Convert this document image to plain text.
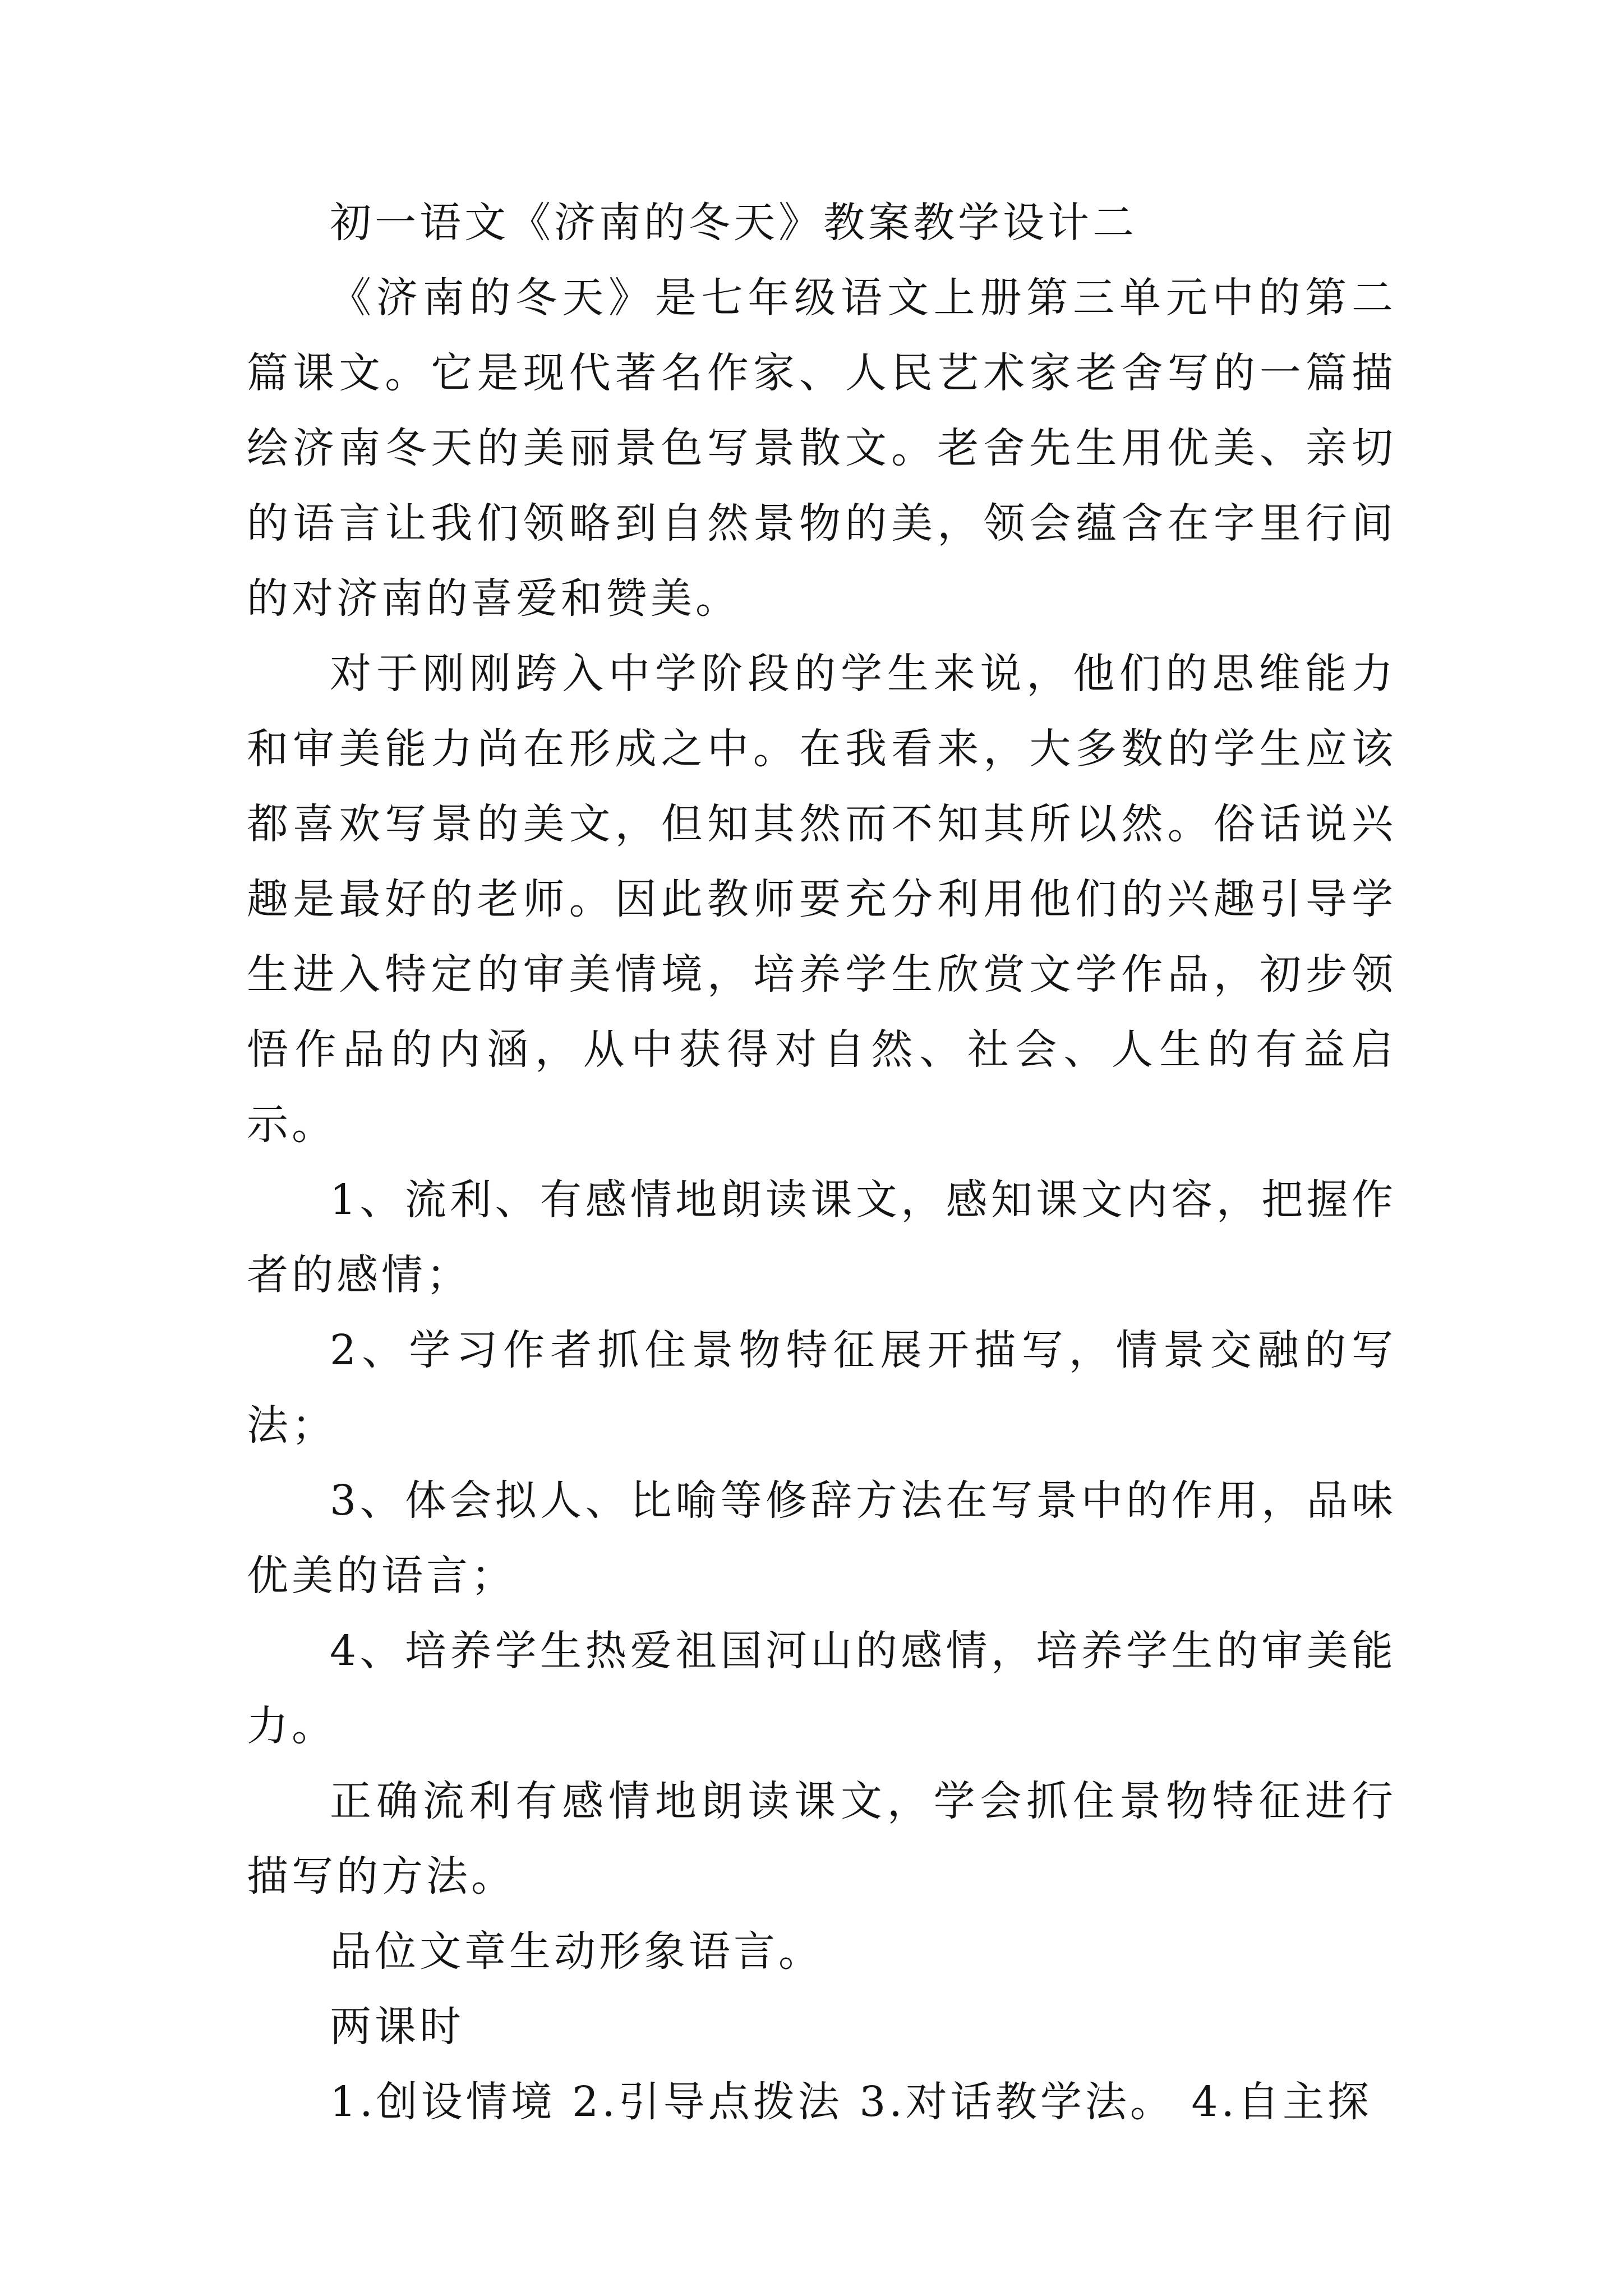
初一语文《济南的冬天》教案教学设计二

《济南的冬天》是七年级语文上册第三单元中的第二篇课文。它是现代著名作家、人民艺术家老舍写的一篇描绘济南冬天的美丽景色写景散文。老舍先生用优美、亲切的语言让我们领略到自然景物的美，领会蕴含在字里行间的对济南的喜爱和赞美。

对于刚刚跨入中学阶段的学生来说，他们的思维能力和审美能力尚在形成之中。在我看来，大多数的学生应该都喜欢写景的美文，但知其然而不知其所以然。俗话说兴趣是最好的老师。因此教师要充分利用他们的兴趣引导学生进入特定的审美情境，培养学生欣赏文学作品，初步领悟作品的内涵，从中获得对自然、社会、人生的有益启示。

1、流利、有感情地朗读课文，感知课文内容，把握作者的感情；

2、学习作者抓住景物特征展开描写，情景交融的写法；

3、体会拟人、比喻等修辞方法在写景中的作用，品味优美的语言；

4、培养学生热爱祖国河山的感情，培养学生的审美能力。

正确流利有感情地朗读课文，学会抓住景物特征进行描写的方法。

品位文章生动形象语言。

两课时

1.创设情境 2.引导点拨法 3.对话教学法。 4.自主探
